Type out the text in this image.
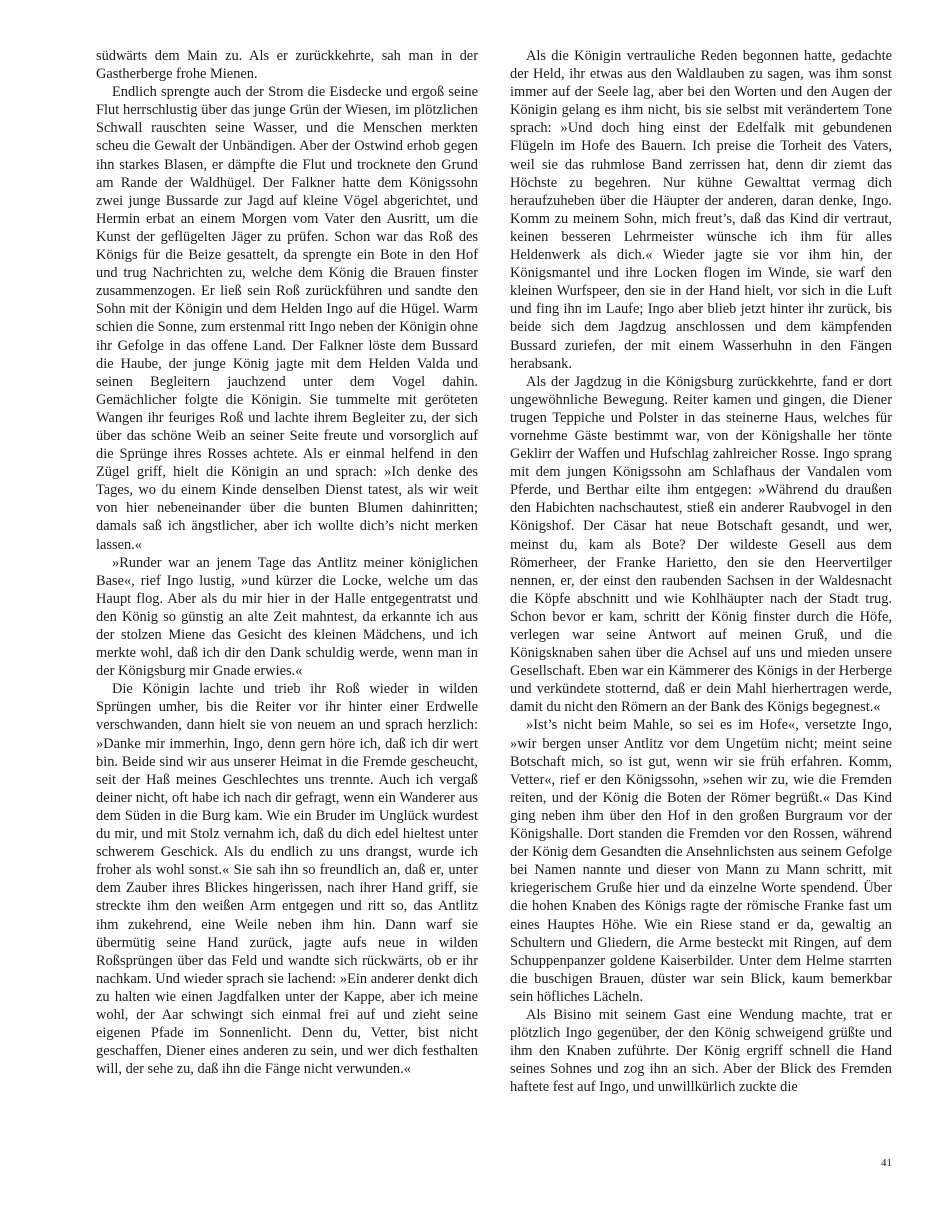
südwärts dem Main zu. Als er zurückkehrte, sah man in der Gastherberge frohe Mienen.

Endlich sprengte auch der Strom die Eisdecke und ergoß seine Flut herrschlustig über das junge Grün der Wiesen, im plötzlichen Schwall rauschten seine Wasser, und die Menschen merkten scheu die Gewalt der Unbändigen. Aber der Ostwind erhob gegen ihn starkes Blasen, er dämpfte die Flut und trocknete den Grund am Rande der Waldhügel. Der Falkner hatte dem Königssohn zwei junge Bussarde zur Jagd auf kleine Vögel abgerichtet, und Hermin erbat an einem Morgen vom Vater den Ausritt, um die Kunst der geflügelten Jäger zu prüfen. Schon war das Roß des Königs für die Beize gesattelt, da sprengte ein Bote in den Hof und trug Nachrichten zu, welche dem König die Brauen finster zusammenzogen. Er ließ sein Roß zurückführen und sandte den Sohn mit der Königin und dem Helden Ingo auf die Hügel. Warm schien die Sonne, zum erstenmal ritt Ingo neben der Königin ohne ihr Gefolge in das offene Land. Der Falkner löste dem Bussard die Haube, der junge König jagte mit dem Helden Valda und seinen Begleitern jauchzend unter dem Vogel dahin. Gemächlicher folgte die Königin. Sie tummelte mit geröteten Wangen ihr feuriges Roß und lachte ihrem Begleiter zu, der sich über das schöne Weib an seiner Seite freute und vorsorglich auf die Sprünge ihres Rosses achtete. Als er einmal helfend in den Zügel griff, hielt die Königin an und sprach: »Ich denke des Tages, wo du einem Kinde denselben Dienst tatest, als wir weit von hier nebeneinander über die bunten Blumen dahinritten; damals saß ich ängstlicher, aber ich wollte dich’s nicht merken lassen.«

»Runder war an jenem Tage das Antlitz meiner königlichen Base«, rief Ingo lustig, »und kürzer die Locke, welche um das Haupt flog. Aber als du mir hier in der Halle entgegentratst und den König so günstig an alte Zeit mahntest, da erkannte ich aus der stolzen Miene das Gesicht des kleinen Mädchens, und ich merkte wohl, daß ich dir den Dank schuldig werde, wenn man in der Königsburg mir Gnade erwies.«

Die Königin lachte und trieb ihr Roß wieder in wilden Sprüngen umher, bis die Reiter vor ihr hinter einer Erdwelle verschwanden, dann hielt sie von neuem an und sprach herzlich: »Danke mir immerhin, Ingo, denn gern höre ich, daß ich dir wert bin. Beide sind wir aus unserer Heimat in die Fremde gescheucht, seit der Haß meines Geschlechtes uns trennte. Auch ich vergaß deiner nicht, oft habe ich nach dir gefragt, wenn ein Wanderer aus dem Süden in die Burg kam. Wie ein Bruder im Unglück wurdest du mir, und mit Stolz vernahm ich, daß du dich edel hieltest unter schwerem Geschick. Als du endlich zu uns drangst, wurde ich froher als wohl sonst.« Sie sah ihn so freundlich an, daß er, unter dem Zauber ihres Blickes hingerissen, nach ihrer Hand griff, sie streckte ihm den weißen Arm entgegen und ritt so, das Antlitz ihm zukehrend, eine Weile neben ihm hin. Dann warf sie übermütig seine Hand zurück, jagte aufs neue in wilden Roßsprüngen über das Feld und wandte sich rückwärts, ob er ihr nachkam. Und wieder sprach sie lachend: »Ein anderer denkt dich zu halten wie einen Jagdfalken unter der Kappe, aber ich meine wohl, der Aar schwingt sich einmal frei auf und zieht seine eigenen Pfade im Sonnenlicht. Denn du, Vetter, bist nicht geschaffen, Diener eines anderen zu sein, und wer dich festhalten will, der sehe zu, daß ihn die Fänge nicht verwunden.«

Als die Königin vertrauliche Reden begonnen hatte, gedachte der Held, ihr etwas aus den Waldlauben zu sagen, was ihm sonst immer auf der Seele lag, aber bei den Worten und den Augen der Königin gelang es ihm nicht, bis sie selbst mit verändertem Tone sprach: »Und doch hing einst der Edelfalk mit gebundenen Flügeln im Hofe des Bauern. Ich preise die Torheit des Vaters, weil sie das ruhmlose Band zerrissen hat, denn dir ziemt das Höchste zu begehren. Nur kühne Gewalttat vermag dich heraufzuheben über die Häupter der anderen, daran denke, Ingo. Komm zu meinem Sohn, mich freut’s, daß das Kind dir vertraut, keinen besseren Lehrmeister wünsche ich ihm für alles Heldenwerk als dich.« Wieder jagte sie vor ihm hin, der Königsmantel und ihre Locken flogen im Winde, sie warf den kleinen Wurfspeer, den sie in der Hand hielt, vor sich in die Luft und fing ihn im Laufe; Ingo aber blieb jetzt hinter ihr zurück, bis beide sich dem Jagdzug anschlossen und dem kämpfenden Bussard zuriefen, der mit einem Wasserhuhn in den Fängen herabsank.

Als der Jagdzug in die Königsburg zurückkehrte, fand er dort ungewöhnliche Bewegung. Reiter kamen und gingen, die Diener trugen Teppiche und Polster in das steinerne Haus, welches für vornehme Gäste bestimmt war, von der Königshalle her tönte Geklirr der Waffen und Hufschlag zahlreicher Rosse. Ingo sprang mit dem jungen Königssohn am Schlafhaus der Vandalen vom Pferde, und Berthar eilte ihm entgegen: »Während du draußen den Habichten nachschautest, stieß ein anderer Raubvogel in den Königshof. Der Cäsar hat neue Botschaft gesandt, und wer, meinst du, kam als Bote? Der wildeste Gesell aus dem Römerheer, der Franke Harietto, den sie den Heervertilger nennen, er, der einst den raubenden Sachsen in der Waldesnacht die Köpfe abschnitt und wie Kohlhäupter nach der Stadt trug. Schon bevor er kam, schritt der König finster durch die Höfe, verlegen war seine Antwort auf meinen Gruß, und die Königsknaben sahen über die Achsel auf uns und mieden unsere Gesellschaft. Eben war ein Kämmerer des Königs in der Herberge und verkündete stotternd, daß er dein Mahl hierhertragen werde, damit du nicht den Römern an der Bank des Königs begegnest.«

»Ist’s nicht beim Mahle, so sei es im Hofe«, versetzte Ingo, »wir bergen unser Antlitz vor dem Ungetüm nicht; meint seine Botschaft mich, so ist gut, wenn wir sie früh erfahren. Komm, Vetter«, rief er den Königssohn, »sehen wir zu, wie die Fremden reiten, und der König die Boten der Römer begrüßt.« Das Kind ging neben ihm über den Hof in den großen Burgraum vor der Königshalle. Dort standen die Fremden vor den Rossen, während der König dem Gesandten die Ansehnlichsten aus seinem Gefolge bei Namen nannte und dieser von Mann zu Mann schritt, mit kriegerischem Gruße hier und da einzelne Worte spendend. Über die hohen Knaben des Königs ragte der römische Franke fast um eines Hauptes Höhe. Wie ein Riese stand er da, gewaltig an Schultern und Gliedern, die Arme besteckt mit Ringen, auf dem Schuppenpanzer goldene Kaiserbilder. Unter dem Helme starrten die buschigen Brauen, düster war sein Blick, kaum bemerkbar sein höfliches Lächeln.

Als Bisino mit seinem Gast eine Wendung machte, trat er plötzlich Ingo gegenüber, der den König schweigend grüßte und ihm den Knaben zuführte. Der König ergriff schnell die Hand seines Sohnes und zog ihn an sich. Aber der Blick des Fremden haftete fest auf Ingo, und unwillkürlich zuckte die

41
